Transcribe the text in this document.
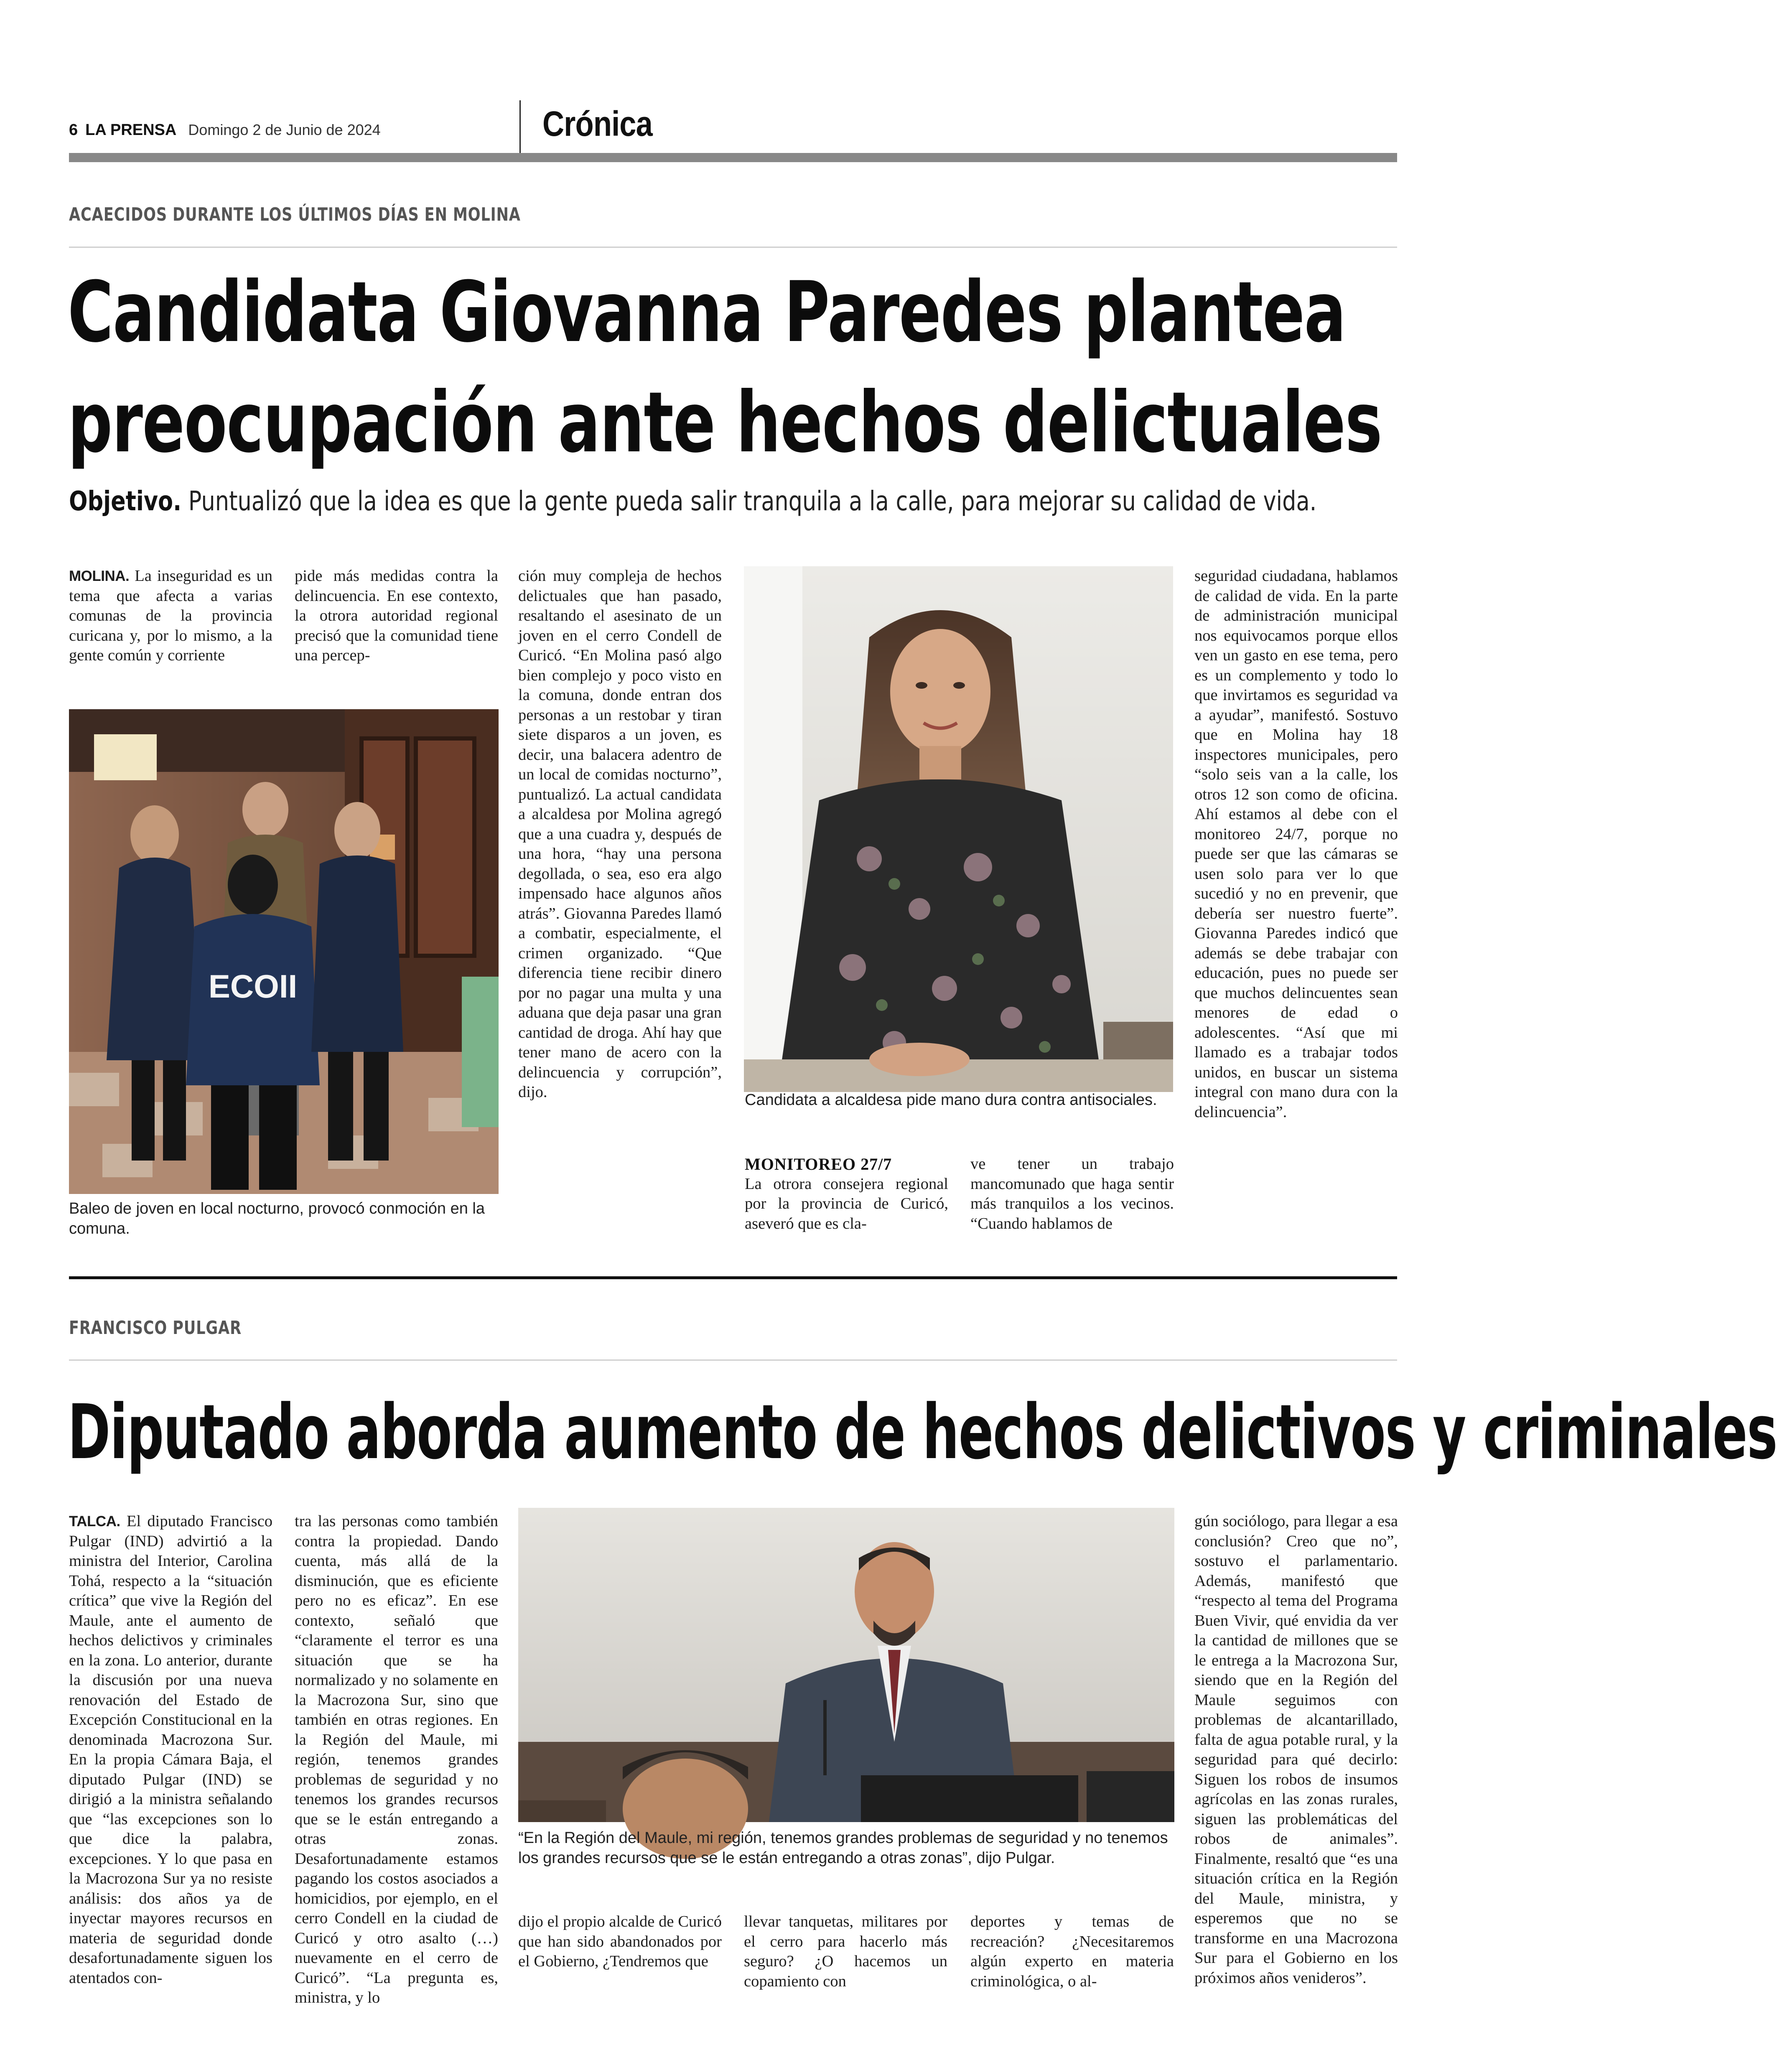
6 LA PRENSA Domingo 2 de Junio de 2024	Crónica
ACAECIDOS DURANTE LOS ÚLTIMOS DÍAS EN MOLINA
Candidata Giovanna Paredes plantea
preocupación ante hechos delictuales
Objetivo. Puntualizó que la idea es que la gente pueda salir tranquila a la calle, para mejorar su calidad de vida.
MOLINA. La inseguridad es un tema que afecta a varias comunas de la provincia curicana y, por lo mismo, a la gente común y corriente
pide más medidas contra la delincuencia. En ese contexto, la otrora autoridad regional precisó que la comunidad tiene una percep-
ECOII
Baleo de joven en local nocturno, provocó conmoción en la comuna.
ción muy compleja de hechos delictuales que han pasado, resaltando el asesinato de un joven en el cerro Condell de Curicó. “En Molina pasó algo bien complejo y poco visto en la comuna, donde entran dos personas a un restobar y tiran siete disparos a un joven, es decir, una balacera adentro de un local de comidas nocturno”, puntualizó. La actual candidata a alcaldesa por Molina agregó que a una cuadra y, después de una hora, “hay una persona degollada, o sea, eso era algo impensado hace algunos años atrás”. Giovanna Paredes llamó a combatir, especialmente, el crimen organizado. “Que diferencia tiene recibir dinero por no pagar una multa y una aduana que deja pasar una gran cantidad de droga. Ahí hay que tener mano de acero con la delincuencia y corrupción”, dijo.	Candidata a alcaldesa pide mano dura contra antisociales.
MONITOREO 27/7
La otrora consejera regional por la provincia de Curicó, aseveró que es cla-
ve tener un trabajo mancomunado que haga sentir más tranquilos a los vecinos. “Cuando hablamos de
seguridad ciudadana, hablamos de calidad de vida. En la parte de administración municipal nos equivocamos porque ellos ven un gasto en ese tema, pero es un complemento y todo lo que invirtamos es seguridad va a ayudar”, manifestó. Sostuvo que en Molina hay 18 inspectores municipales, pero “solo seis van a la calle, los otros 12 son como de oficina. Ahí estamos al debe con el monitoreo 24/7, porque no puede ser que las cámaras se usen solo para ver lo que sucedió y no en prevenir, que debería ser nuestro fuerte”. Giovanna Paredes indicó que además se debe trabajar con educación, pues no puede ser que muchos delincuentes sean menores de edad o adolescentes. “Así que mi llamado es a trabajar todos unidos, en buscar un sistema integral con mano dura con la delincuencia”.
FRANCISCO PULGAR
Diputado aborda aumento de hechos delictivos y criminales
TALCA. El diputado Francisco Pulgar (IND) advirtió a la ministra del Interior, Carolina Tohá, respecto a la “situación crítica” que vive la Región del Maule, ante el aumento de hechos delictivos y criminales en la zona. Lo anterior, durante la discusión por una nueva renovación del Estado de Excepción Constitucional en la denominada Macrozona Sur. En la propia Cámara Baja, el diputado Pulgar (IND) se dirigió a la ministra señalando que “las excepciones son lo que dice la palabra, excepciones. Y lo que pasa en la Macrozona Sur ya no resiste análisis: dos años ya de inyectar mayores recursos en materia de seguridad donde desafortunadamente siguen los atentados con-
tra las personas como también contra la propiedad. Dando cuenta, más allá de la disminución, que es eficiente pero no es eficaz”. En ese contexto, señaló que “claramente el terror es una situación que se ha normalizado y no solamente en la Macrozona Sur, sino que también en otras regiones. En la Región del Maule, mi región, tenemos grandes problemas de seguridad y no tenemos los grandes recursos que se le están entregando a otras zonas. Desafortunadamente estamos pagando los costos asociados a homicidios, por ejemplo, en el cerro Condell en la ciudad de Curicó y otro asalto (…) nuevamente en el cerro de Curicó”. “La pregunta es, ministra, y lo
“En la Región del Maule, mi región, tenemos grandes problemas de seguridad y no tenemos los grandes recursos que se le están entregando a otras zonas”, dijo Pulgar.
dijo el propio alcalde de Curicó que han sido abandonados por el Gobierno, ¿Tendremos que
llevar tanquetas, militares por el cerro para hacerlo más seguro? ¿O hacemos un copamiento con
deportes y temas de recreación? ¿Necesitaremos algún experto en materia criminológica, o al-
gún sociólogo, para llegar a esa conclusión? Creo que no”, sostuvo el parlamentario. Además, manifestó que “respecto al tema del Programa Buen Vivir, qué envidia da ver la cantidad de millones que se le entrega a la Macrozona Sur, siendo que en la Región del Maule seguimos con problemas de alcantarillado, falta de agua potable rural, y la seguridad para qué decirlo: Siguen los robos de insumos agrícolas en las zonas rurales, siguen las problemáticas del robos de animales”. Finalmente, resaltó que “es una situación crítica en la Región del Maule, ministra, y esperemos que no se transforme en una Macrozona Sur para el Gobierno en los próximos años venideros”.
